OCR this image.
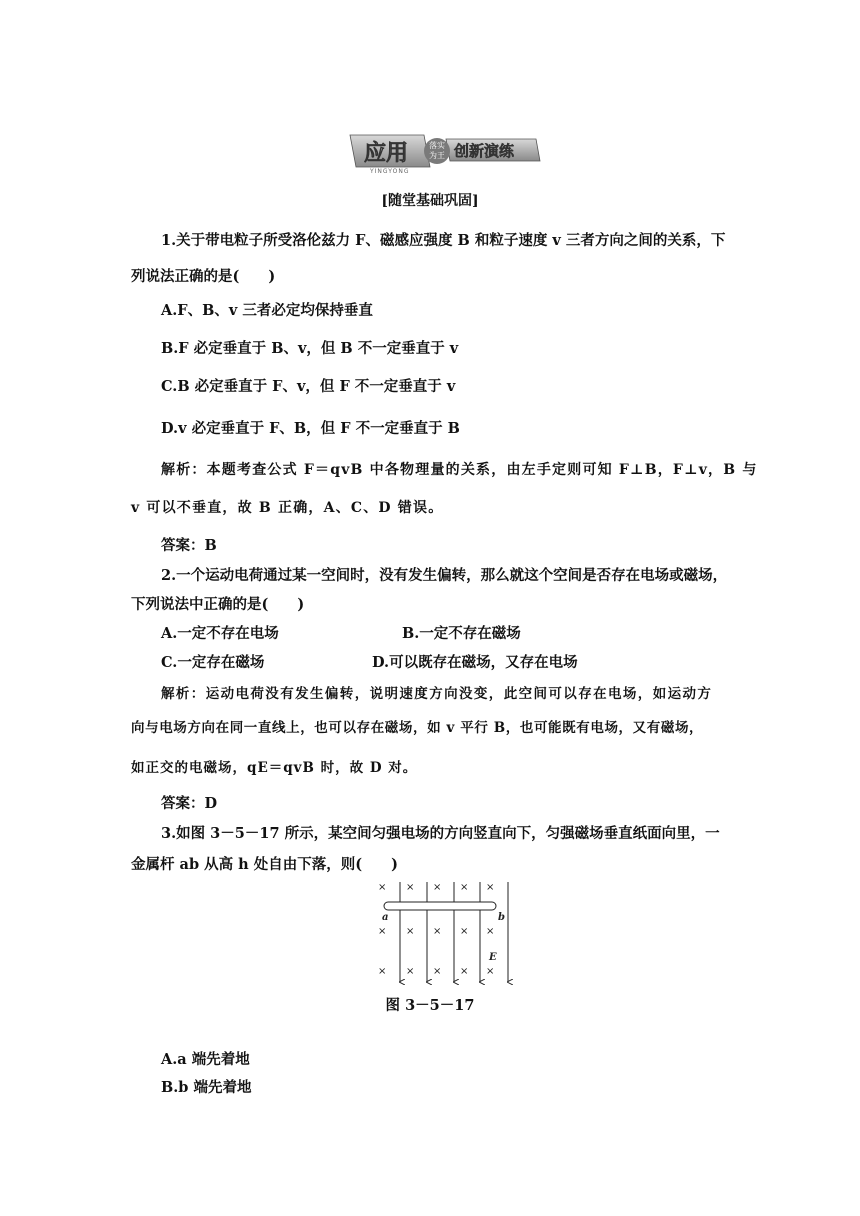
应用	落实
为王
YINGYONG
创新演练
[随堂基础巩固]
1.关于带电粒子所受洛伦兹力 F、磁感应强度 B 和粒子速度 v 三者方向之间的关系，下
列说法正确的是(　　)
A.F、B、v 三者必定均保持垂直
B.F 必定垂直于 B、v，但 B 不一定垂直于 v
C.B 必定垂直于 F、v，但 F 不一定垂直于 v
D.v 必定垂直于 F、B，但 F 不一定垂直于 B
解析：本题考查公式 F＝qvB 中各物理量的关系，由左手定则可知 F⊥B，F⊥v，B 与
v 可以不垂直，故 B 正确，A、C、D 错误。
答案：B
2.一个运动电荷通过某一空间时，没有发生偏转，那么就这个空间是否存在电场或磁场，
下列说法中正确的是(　　)
A.一定不存在电场	B.一定不存在磁场
C.一定存在磁场	D.可以既存在磁场，又存在电场
解析：运动电荷没有发生偏转，说明速度方向没变，此空间可以存在电场，如运动方
向与电场方向在同一直线上，也可以存在磁场，如 v 平行 B，也可能既有电场，又有磁场，
如正交的电磁场，qE＝qvB 时，故 D 对。
答案：D
3.如图 3－5－17 所示，某空间匀强电场的方向竖直向下，匀强磁场垂直纸面向里，一
金属杆 ab 从高 h 处自由下落，则(　　)
× × × × ×
× × × × ×
× × × × ×
a	b
E
图 3－5－17
A.a 端先着地
B.b 端先着地
